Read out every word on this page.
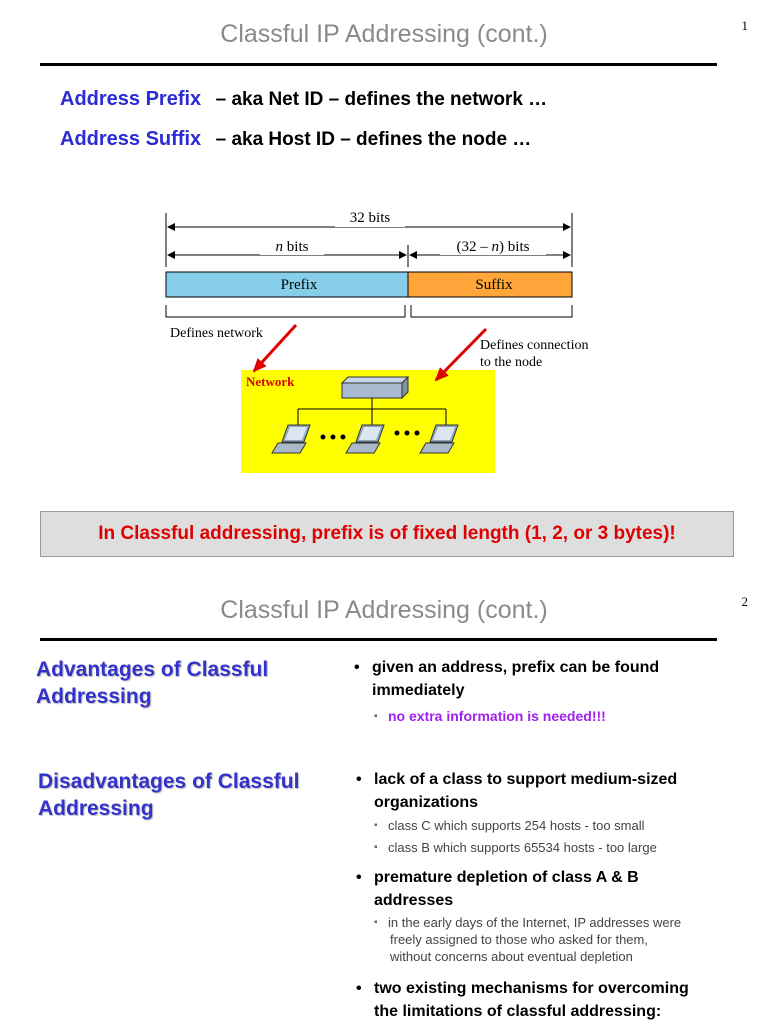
Classful IP Addressing (cont.)	1
Address Prefix – aka Net ID – defines the network …
Address Suffix – aka Host ID – defines the node …
32 bits
n bits	(32 – n) bits
Prefix	Suffix
Defines network
Defines connection
to the node
Network
In Classful addressing, prefix is of fixed length (1, 2, or 3 bytes)!
Classful IP Addressing (cont.)	2
Advantages of Classful
Addressing
• given an address, prefix can be found
immediately
▪ no extra information is needed!!!
Disadvantages of Classful
Addressing
• lack of a class to support medium-sized
organizations
▪ class C which supports 254 hosts - too small
▪ class B which supports 65534 hosts - too large
• premature depletion of class A & B
addresses
▪ in the early days of the Internet, IP addresses were
freely assigned to those who asked for them,
without concerns about eventual depletion
• two existing mechanisms for overcoming
the limitations of classful addressing:
